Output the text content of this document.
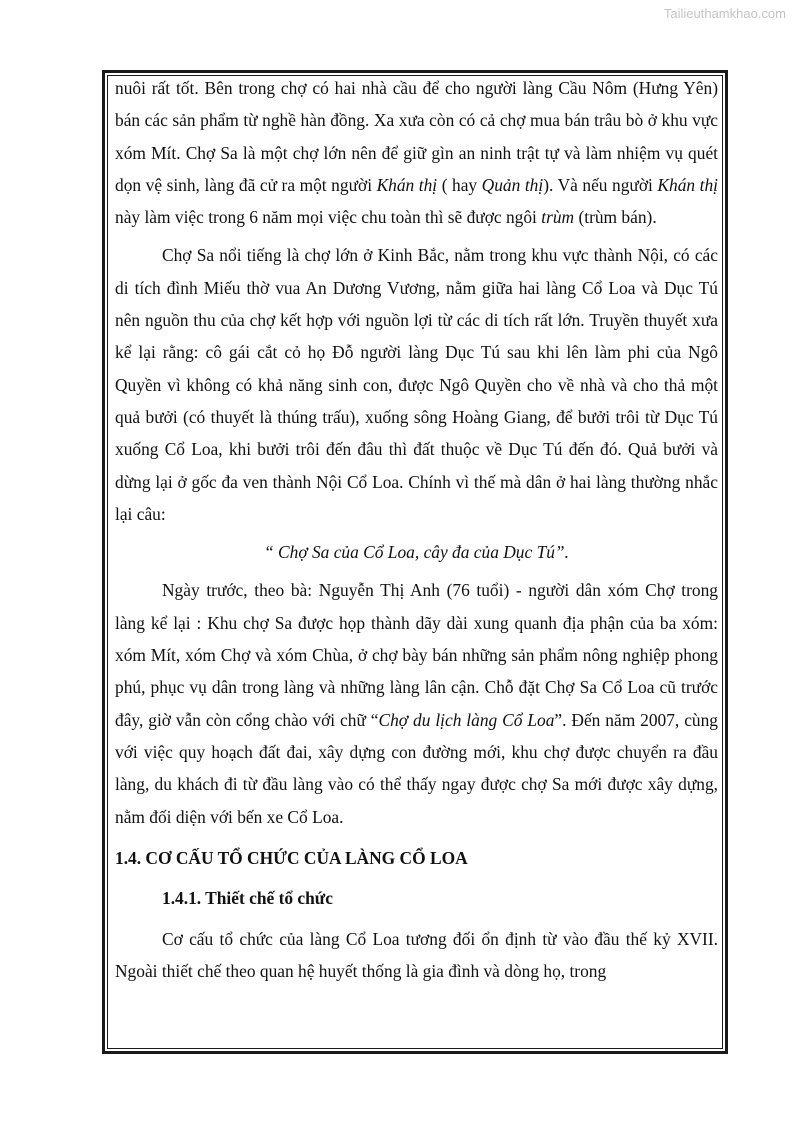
Tailieuthamkhao.com

nuôi rất tốt. Bên trong chợ có hai nhà cầu để cho người làng Cầu Nôm (Hưng Yên) bán các sản phẩm từ nghề hàn đồng. Xa xưa còn có cả chợ mua bán trâu bò ở khu vực xóm Mít. Chợ Sa là một chợ lớn nên để giữ gìn an ninh trật tự và làm nhiệm vụ quét dọn vệ sinh, làng đã cử ra một người Khán thị ( hay Quản thị). Và nếu người Khán thị này làm việc trong 6 năm mọi việc chu toàn thì sẽ được ngôi trùm (trùm bán).

Chợ Sa nổi tiếng là chợ lớn ở Kinh Bắc, nằm trong khu vực thành Nội, có các di tích đình Miếu thờ vua An Dương Vương, nằm giữa hai làng Cổ Loa và Dục Tú nên nguồn thu của chợ kết hợp với nguồn lợi từ các di tích rất lớn. Truyền thuyết xưa kể lại rằng: cô gái cắt cỏ họ Đỗ người làng Dục Tú sau khi lên làm phi của Ngô Quyền vì không có khả năng sinh con, được Ngô Quyền cho về nhà và cho thả một quả bưởi (có thuyết là thúng trấu), xuống sông Hoàng Giang, để bưởi trôi từ Dục Tú xuống Cổ Loa, khi bưởi trôi đến đâu thì đất thuộc về Dục Tú đến đó. Quả bưởi và dừng lại ở gốc đa ven thành Nội Cổ Loa. Chính vì thế mà dân ở hai làng thường nhắc lại câu:

“ Chợ Sa của Cổ Loa, cây đa của Dục Tú”.

Ngày trước, theo bà: Nguyễn Thị Anh (76 tuổi) - người dân xóm Chợ trong làng kể lại : Khu chợ Sa được họp thành dãy dài xung quanh địa phận của ba xóm: xóm Mít, xóm Chợ và xóm Chùa, ở chợ bày bán những sản phẩm nông nghiệp phong phú, phục vụ dân trong làng và những làng lân cận. Chỗ đặt Chợ Sa Cổ Loa cũ trước đây, giờ vẫn còn cổng chào với chữ “Chợ du lịch làng Cổ Loa”. Đến năm 2007, cùng với việc quy hoạch đất đai, xây dựng con đường mới, khu chợ được chuyển ra đầu làng, du khách đi từ đầu làng vào có thể thấy ngay được chợ Sa mới được xây dựng, nằm đối diện với bến xe Cổ Loa.

1.4. CƠ CẤU TỔ CHỨC CỦA LÀNG CỔ LOA
1.4.1. Thiết chế tổ chức

Cơ cấu tổ chức của làng Cổ Loa tương đối ổn định từ vào đầu thế kỷ XVII. Ngoài thiết chế theo quan hệ huyết thống là gia đình và dòng họ, trong
